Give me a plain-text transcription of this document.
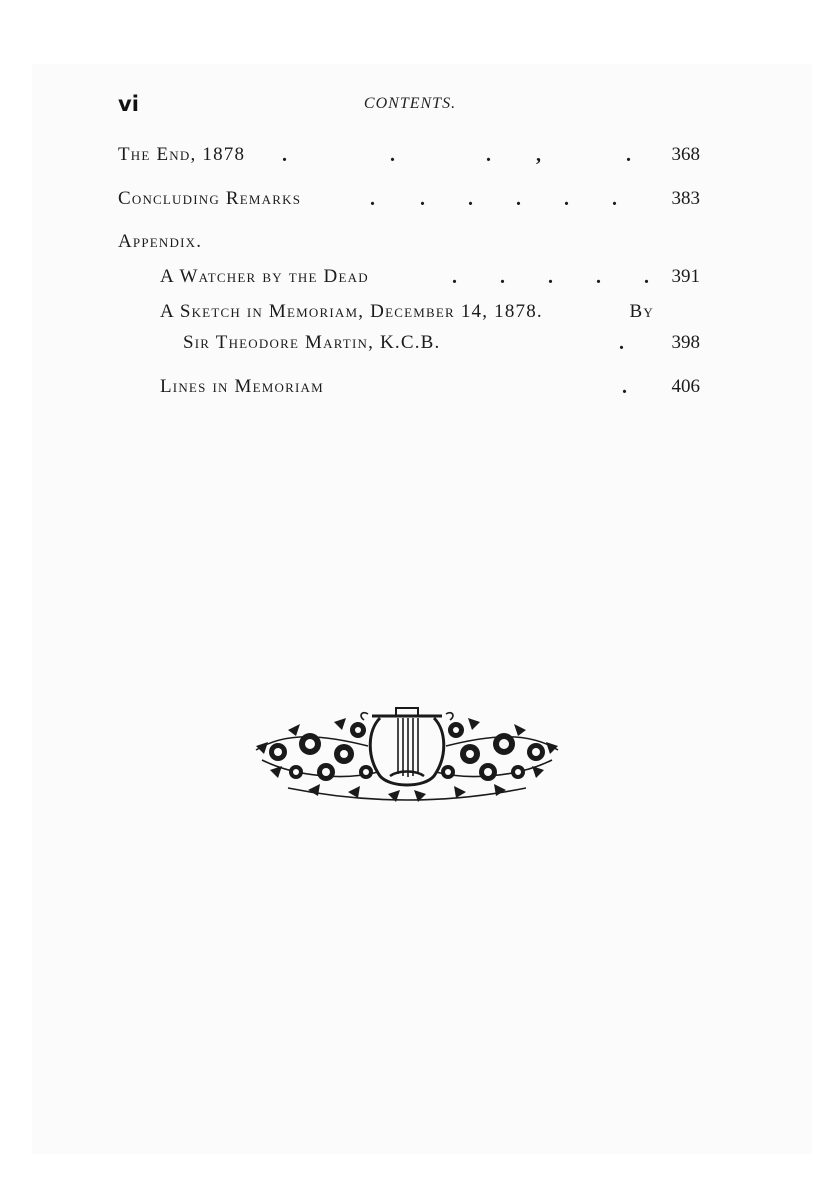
vi	CONTENTS.
The End, 1878 .	.	. ,	. 368
Concluding Remarks	. . . . . .	383
Appendix.
A Watcher by the Dead	. . . . . 391
A Sketch in Memoriam, December 14, 1878.	By
Sir Theodore Martin, K.C.B.	. 398
Lines in Memoriam	. 406
